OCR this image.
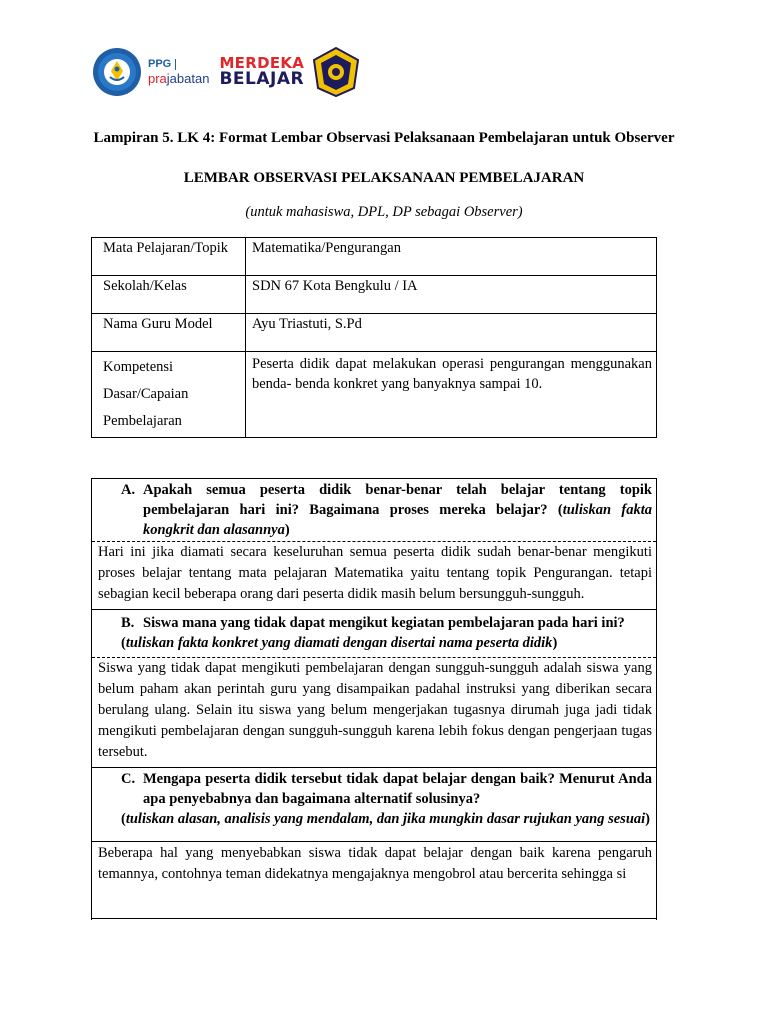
PPG
prajabatan
MERDEKA
BELAJAR
Lampiran 5. LK 4: Format Lembar Observasi Pelaksanaan Pembelajaran untuk Observer
LEMBAR OBSERVASI PELAKSANAAN PEMBELAJARAN
(untuk mahasiswa, DPL, DP sebagai Observer)
Mata Pelajaran/Topik	Matematika/Pengurangan
Sekolah/Kelas	SDN 67 Kota Bengkulu / IA
Nama Guru Model	Ayu Triastuti, S.Pd

Kompetensi
Dasar/Capaian
Pembelajaran	Peserta didik dapat melakukan operasi pengurangan menggunakan benda- benda konkret yang banyaknya sampai 10.
A. Apakah semua peserta didik benar-benar telah belajar tentang topik pembelajaran hari ini? Bagaimana proses mereka belajar? (tuliskan fakta kongkrit dan alasannya)
Hari ini jika diamati secara keseluruhan semua peserta didik sudah benar-benar mengikuti proses belajar tentang mata pelajaran Matematika yaitu tentang topik Pengurangan. tetapi sebagian kecil beberapa orang dari peserta didik masih belum bersungguh-sungguh.
B. Siswa mana yang tidak dapat mengikut kegiatan pembelajaran pada hari ini?
(tuliskan fakta konkret yang diamati dengan disertai nama peserta didik)
Siswa yang tidak dapat mengikuti pembelajaran dengan sungguh-sungguh adalah siswa yang belum paham akan perintah guru yang disampaikan padahal instruksi yang diberikan secara berulang ulang. Selain itu siswa yang belum mengerjakan tugasnya dirumah juga jadi tidak mengikuti pembelajaran dengan sungguh-sungguh karena lebih fokus dengan pengerjaan tugas tersebut.
C. Mengapa peserta didik tersebut tidak dapat belajar dengan baik? Menurut Anda apa penyebabnya dan bagaimana alternatif solusinya?
(tuliskan alasan, analisis yang mendalam, dan jika mungkin dasar rujukan yang sesuai)
Beberapa hal yang menyebabkan siswa tidak dapat belajar dengan baik karena pengaruh temannya, contohnya teman didekatnya mengajaknya mengobrol atau bercerita sehingga si
